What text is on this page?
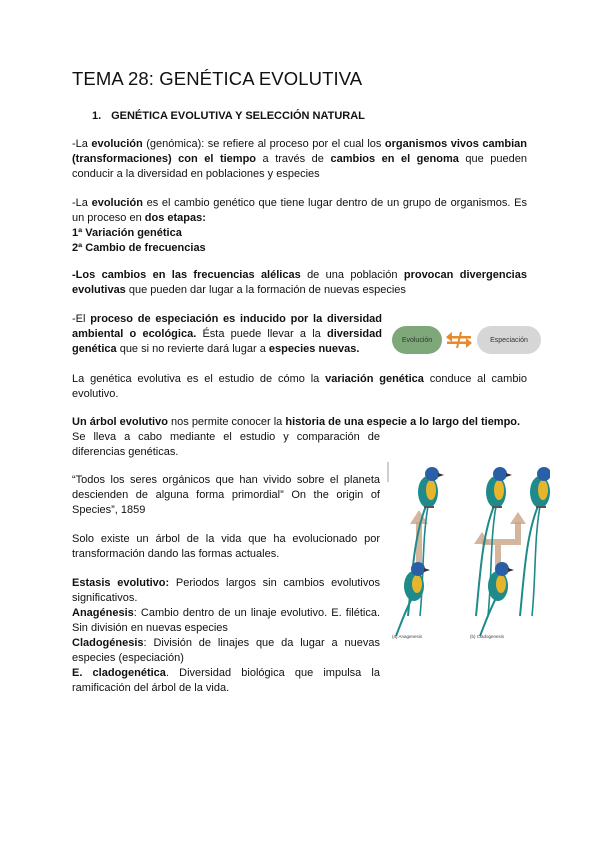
TEMA 28: GENÉTICA EVOLUTIVA
1. GENÉTICA EVOLUTIVA Y SELECCIÓN NATURAL
-La evolución (genómica): se refiere al proceso por el cual los organismos vivos cambian (transformaciones) con el tiempo a través de cambios en el genoma que pueden conducir a la diversidad en poblaciones y especies
-La evolución es el cambio genético que tiene lugar dentro de un grupo de organismos. Es un proceso en dos etapas:
1ª Variación genética
2ª Cambio de frecuencias
-Los cambios en las frecuencias alélicas de una población provocan divergencias evolutivas que pueden dar lugar a la formación de nuevas especies
-El proceso de especiación es inducido por la diversidad ambiental o ecológica. Ésta puede llevar a la diversidad genética que si no revierte dará lugar a especies nuevas.
Evolución	Especiación
La genética evolutiva es el estudio de cómo la variación genética conduce al cambio evolutivo.
Un árbol evolutivo nos permite conocer la historia de una especie a lo largo del tiempo.
Se lleva a cabo mediante el estudio y comparación de diferencias genéticas.
“Todos los seres orgánicos que han vivido sobre el planeta descienden de alguna forma primordial” On the origin of Species”, 1859
Solo existe un árbol de la vida que ha evolucionado por transformación dando las formas actuales.
Estasis evolutivo: Periodos largos sin cambios evolutivos significativos.
Anagénesis: Cambio dentro de un linaje evolutivo. E. filética. Sin división en nuevas especies
Cladogénesis: División de linajes que da lugar a nuevas especies (especiación)
E. cladogenética. Diversidad biológica que impulsa la ramificación del árbol de la vida.
(a) Anagenesis	(b) Cladogenesis
